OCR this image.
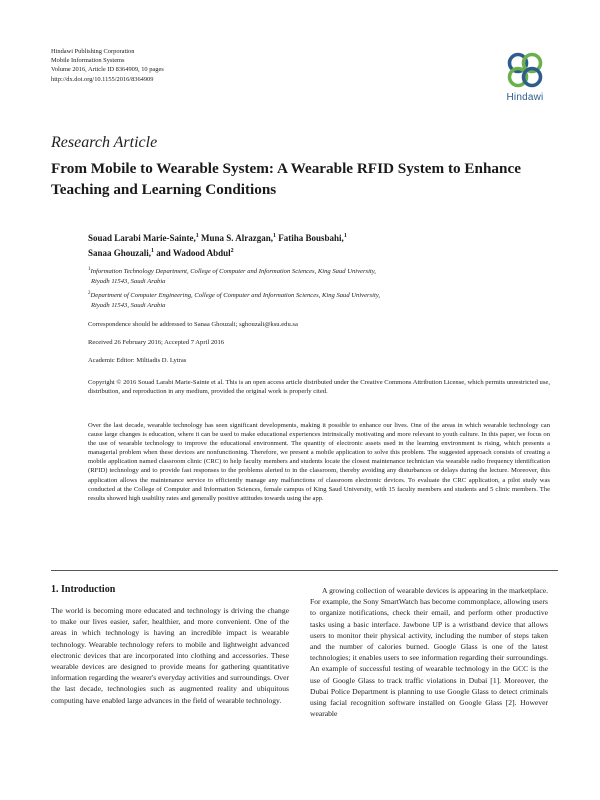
Hindawi Publishing Corporation
Mobile Information Systems
Volume 2016, Article ID 8364909, 10 pages
http://dx.doi.org/10.1155/2016/8364909
Hindawi
Research Article
From Mobile to Wearable System: A Wearable RFID System to Enhance Teaching and Learning Conditions
Souad Larabi Marie-Sainte,$^1$ Muna S. Alrazgan,$^1$ Fatiha Bousbahi,$^1$
Sanaa Ghouzali,$^1$ and Wadood Abdul$^2$
$^1$Information Technology Department, College of Computer and Information Sciences, King Saud University,
Riyadh 11543, Saudi Arabia
$^2$Department of Computer Engineering, College of Computer and Information Sciences, King Saud University,
Riyadh 11543, Saudi Arabia
Correspondence should be addressed to Sanaa Ghouzali; sghouzali@ksu.edu.sa
Received 26 February 2016; Accepted 7 April 2016
Academic Editor: Miltiadis D. Lytras
Copyright © 2016 Souad Larabi Marie-Sainte et al. This is an open access article distributed under the Creative Commons Attribution License, which permits unrestricted use, distribution, and reproduction in any medium, provided the original work is properly cited.
Over the last decade, wearable technology has seen significant developments, making it possible to enhance our lives. One of the areas in which wearable technology can cause large changes is education, where it can be used to make educational experiences intrinsically motivating and more relevant to youth culture. In this paper, we focus on the use of wearable technology to improve the educational environment. The quantity of electronic assets used in the learning environment is rising, which presents a managerial problem when these devices are nonfunctioning. Therefore, we present a mobile application to solve this problem. The suggested approach consists of creating a mobile application named classroom clinic (CRC) to help faculty members and students locate the closest maintenance technician via wearable radio frequency identification (RFID) technology and to provide fast responses to the problems alerted to in the classroom, thereby avoiding any disturbances or delays during the lecture. Moreover, this application allows the maintenance service to efficiently manage any malfunctions of classroom electronic devices. To evaluate the CRC application, a pilot study was conducted at the College of Computer and Information Sciences, female campus of King Saud University, with 15 faculty members and students and 5 clinic members. The results showed high usability rates and generally positive attitudes towards using the app.
1. Introduction

The world is becoming more educated and technology is driving the change to make our lives easier, safer, healthier, and more convenient. One of the areas in which technology is having an incredible impact is wearable technology. Wearable technology refers to mobile and lightweight advanced electronic devices that are incorporated into clothing and accessories. These wearable devices are designed to provide means for gathering quantitative information regarding the wearer's everyday activities and surroundings. Over the last decade, technologies such as augmented reality and ubiquitous computing have enabled large advances in the field of wearable technology.

A growing collection of wearable devices is appearing in the marketplace. For example, the Sony SmartWatch has become commonplace, allowing users to organize notifications, check their email, and perform other productive tasks using a basic interface. Jawbone UP is a wristband device that allows users to monitor their physical activity, including the number of steps taken and the number of calories burned. Google Glass is one of the latest technologies; it enables users to see information regarding their surroundings. An example of successful testing of wearable technology in the GCC is the use of Google Glass to track traffic violations in Dubai [1]. Moreover, the Dubai Police Department is planning to use Google Glass to detect criminals using facial recognition software installed on Google Glass [2]. However wearable
